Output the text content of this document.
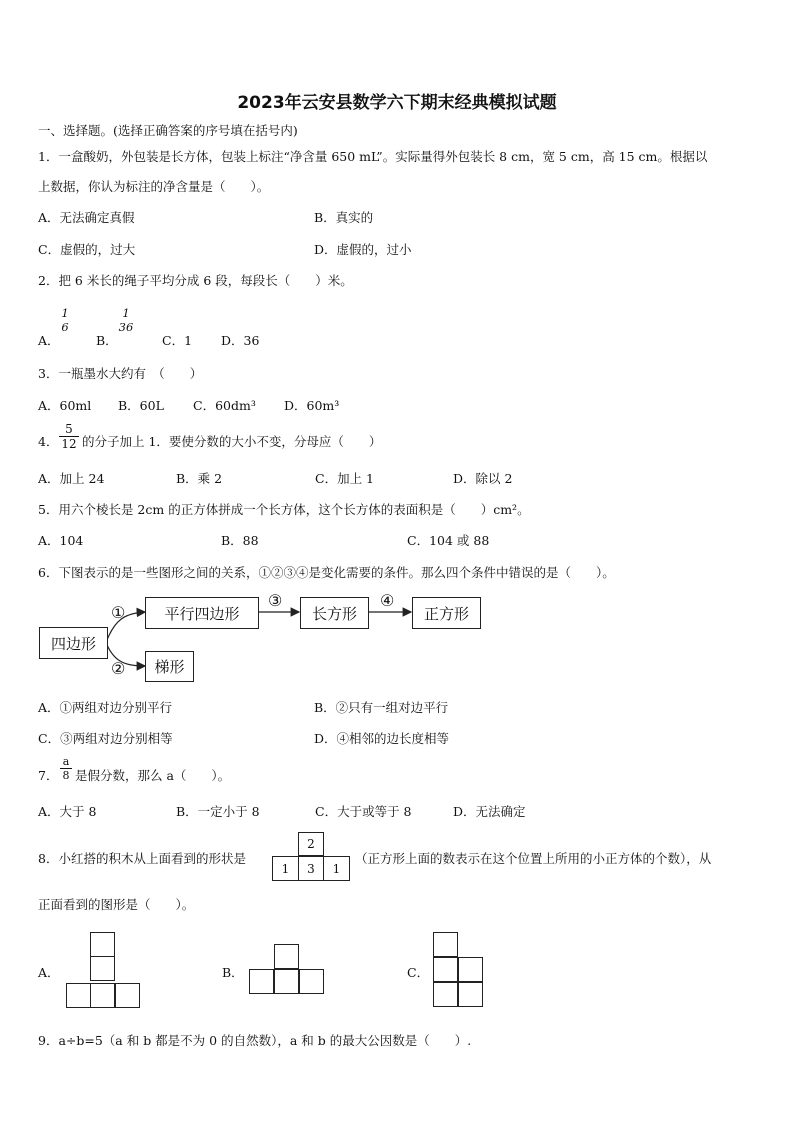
2023年云安县数学六下期末经典模拟试题
一、选择题。(选择正确答案的序号填在括号内)
1．一盒酸奶，外包装是长方体，包装上标注“净含量 650 mL”。实际量得外包装长 8 cm，宽 5 cm，高 15 cm。根据以
上数据，你认为标注的净含量是（　　）。
A．无法确定真假	B．真实的
C．虚假的，过大	D．虚假的，过小
2．把 6 米长的绳子平均分成 6 段，每段长（　　）米。
A．
1
6
B．
1
36
C．1 D．36
3．一瓶墨水大约有　（　　）
A．60ml B．60L C．60dm³ D．60m³
4．
5
12 的分子加上 1．要使分数的大小不变，分母应（　　）
A．加上 24	B．乘 2	C．加上 1	D．除以 2
5．用六个棱长是 2cm 的正方体拼成一个长方体，这个长方体的表面积是（　　）cm²。
A．104	B．88	C．104 或 88
6．下图表示的是一些图形之间的关系，①②③④是变化需要的条件。那么四个条件中错误的是（　　）。
四边形
平行四边形	长方形	正方形
梯形
①
②
③	④
A．①两组对边分别平行	B．②只有一组对边平行
C．③两组对边分别相等	D．④相邻的边长度相等
7．
a
8 是假分数，那么 a（　　）。
A．大于 8	B．一定小于 8	C．大于或等于 8	D．无法确定
8．小红搭的积木从上面看到的形状是
2
1	3	1
（正方形上面的数表示在这个位置上所用的小正方体的个数），从
正面看到的图形是（　　）。
A．	B．	C．
9．a÷b=5（a 和 b 都是不为 0 的自然数），a 和 b 的最大公因数是（　　）.
